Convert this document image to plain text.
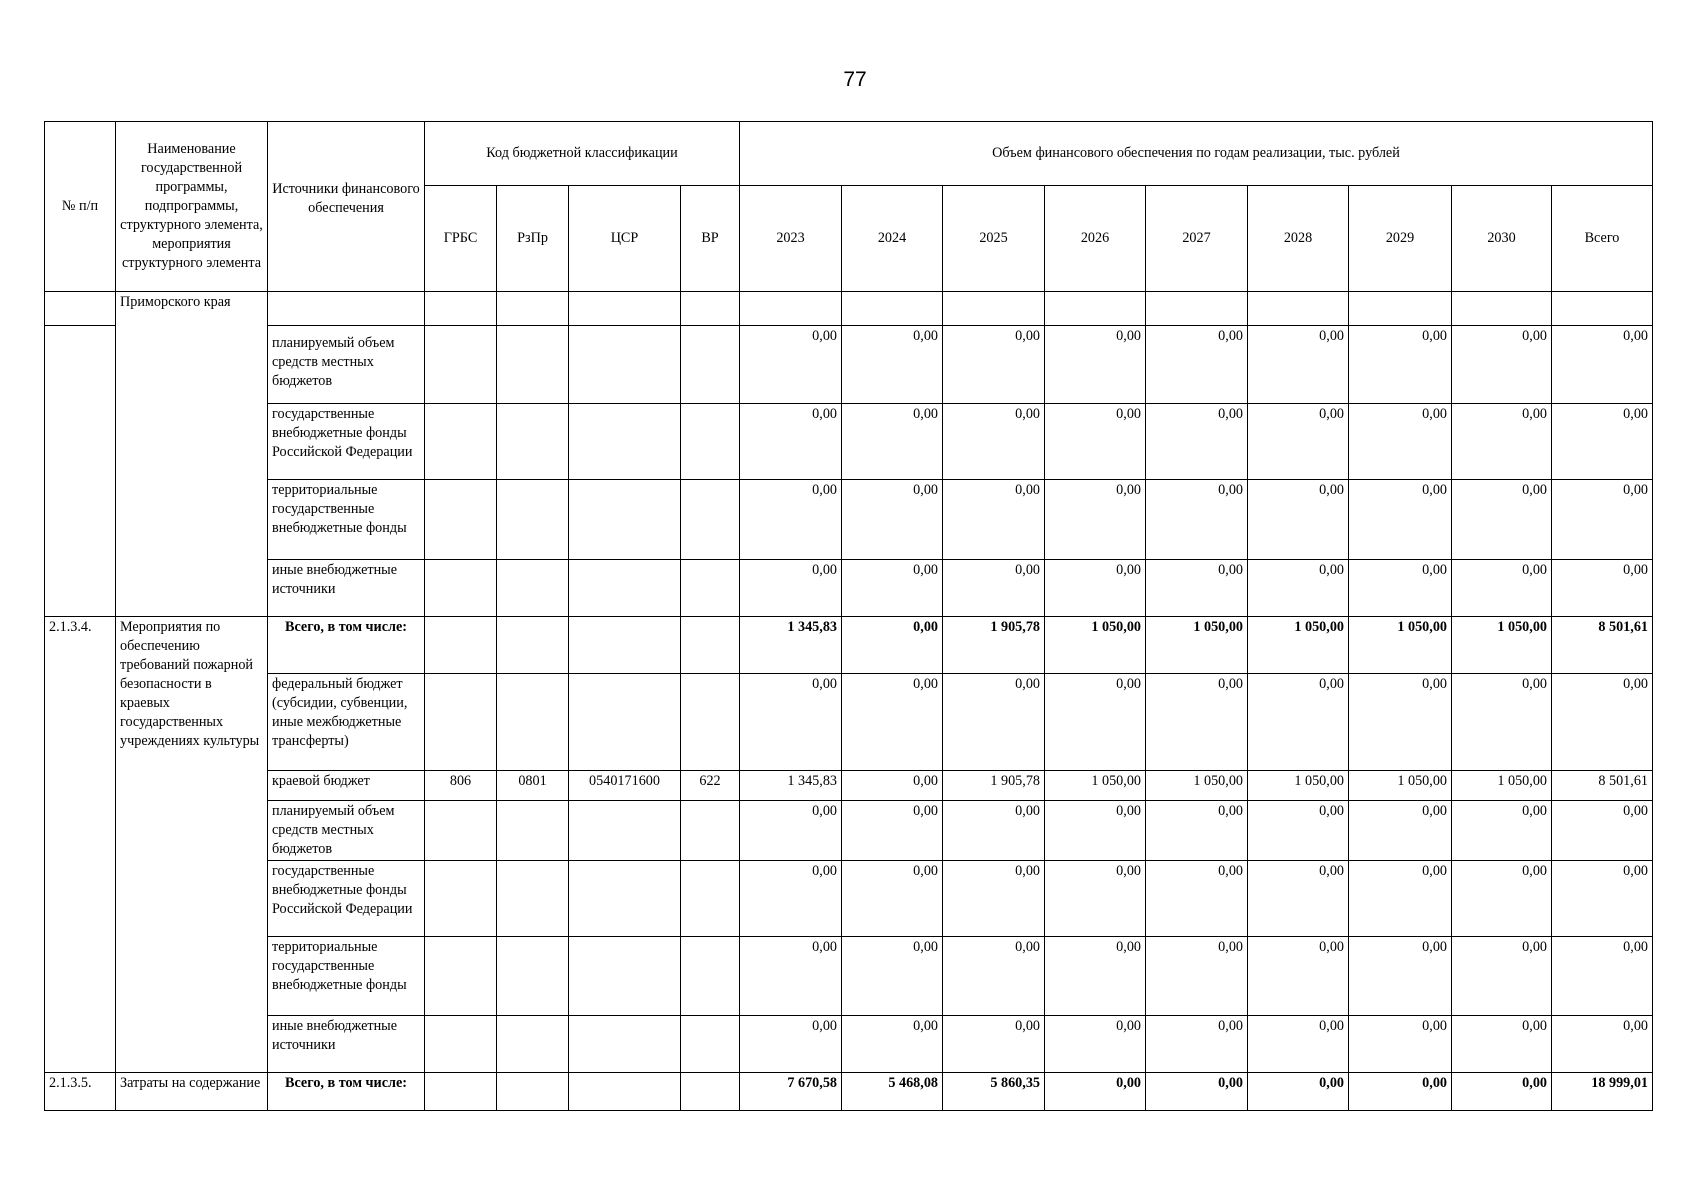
77
№ п/п	Наименование государственной программы, подпрограммы, структурного элемента, мероприятия структурного элемента	Источники финансового обеспечения	Код бюджетной классификации				Объем финансового обеспечения по годам реализации, тыс. рублей								
			ГРБС	РзПр	ЦСР	ВР	2023	2024	2025	2026	2027	2028	2029	2030	Всего
	Приморского края														
		планируемый объем средств местных бюджетов					0,00	0,00	0,00	0,00	0,00	0,00	0,00	0,00	0,00
		государственные внебюджетные фонды Российской Федерации					0,00	0,00	0,00	0,00	0,00	0,00	0,00	0,00	0,00
		территориальные государственные внебюджетные фонды					0,00	0,00	0,00	0,00	0,00	0,00	0,00	0,00	0,00
		иные внебюджетные источники					0,00	0,00	0,00	0,00	0,00	0,00	0,00	0,00	0,00
2.1.3.4.	Мероприятия по обеспечению требований пожарной безопасности в краевых государственных учреждениях культуры	Всего, в том числе:					1 345,83	0,00	1 905,78	1 050,00	1 050,00	1 050,00	1 050,00	1 050,00	8 501,61
		федеральный бюджет (субсидии, субвенции, иные межбюджетные трансферты)					0,00	0,00	0,00	0,00	0,00	0,00	0,00	0,00	0,00
		краевой бюджет	806	0801	0540171600	622	1 345,83	0,00	1 905,78	1 050,00	1 050,00	1 050,00	1 050,00	1 050,00	8 501,61
		планируемый объем средств местных бюджетов					0,00	0,00	0,00	0,00	0,00	0,00	0,00	0,00	0,00
		государственные внебюджетные фонды Российской Федерации					0,00	0,00	0,00	0,00	0,00	0,00	0,00	0,00	0,00
		территориальные государственные внебюджетные фонды					0,00	0,00	0,00	0,00	0,00	0,00	0,00	0,00	0,00
		иные внебюджетные источники					0,00	0,00	0,00	0,00	0,00	0,00	0,00	0,00	0,00
2.1.3.5.	Затраты на содержание	Всего, в том числе:					7 670,58	5 468,08	5 860,35	0,00	0,00	0,00	0,00	0,00	18 999,01
